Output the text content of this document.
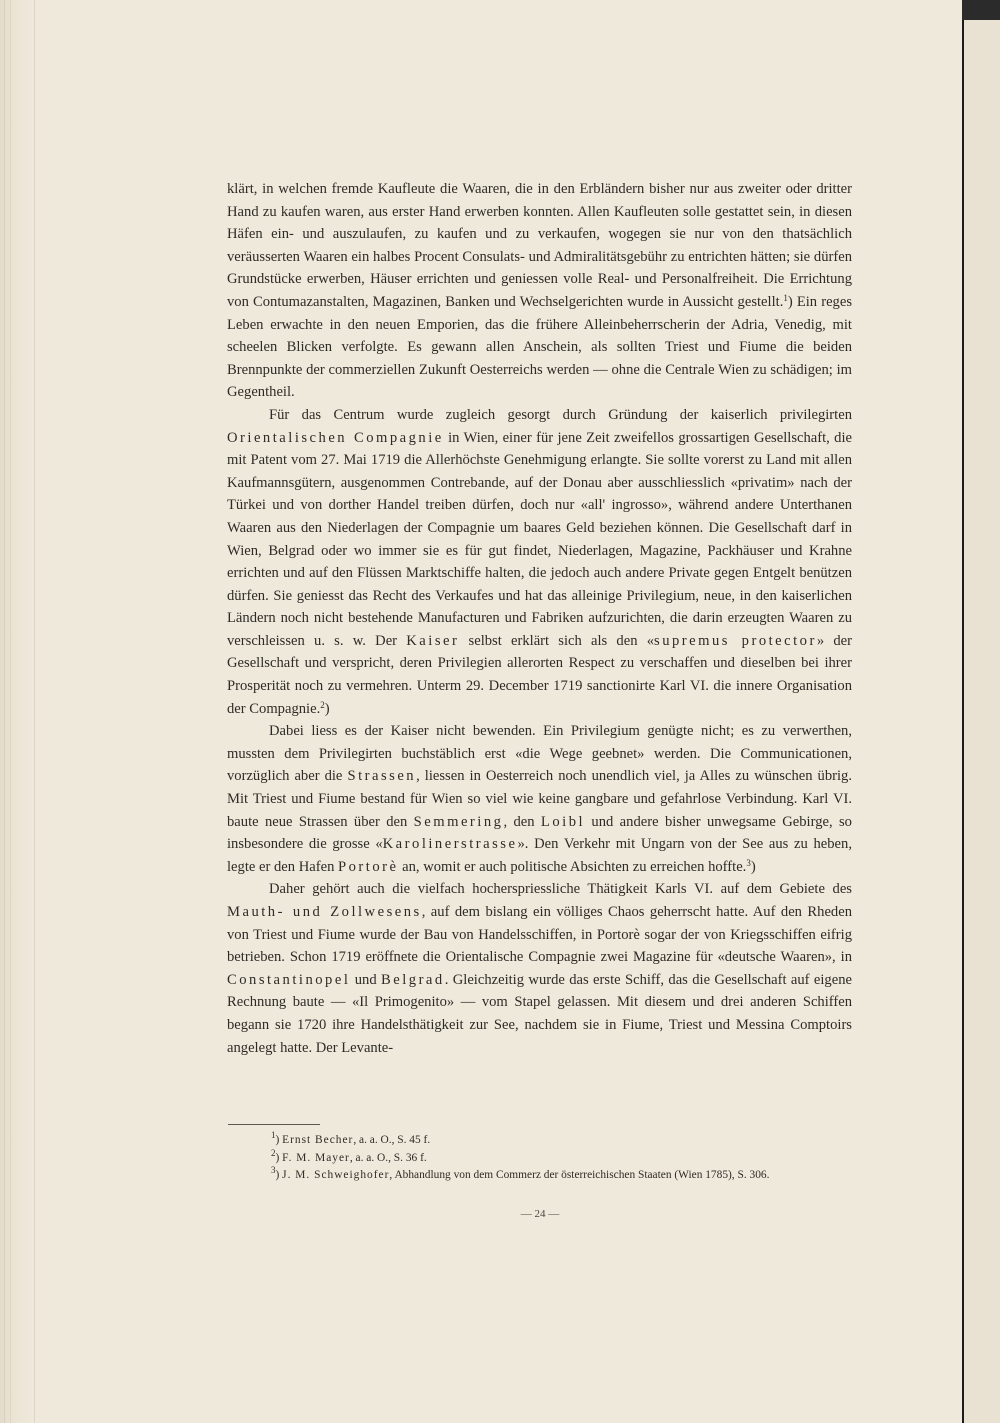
klärt, in welchen fremde Kaufleute die Waaren, die in den Erbländern bisher nur aus zweiter oder dritter Hand zu kaufen waren, aus erster Hand erwerben konnten. Allen Kaufleuten solle gestattet sein, in diesen Häfen ein- und auszulaufen, zu kaufen und zu verkaufen, wogegen sie nur von den thatsächlich veräusserten Waaren ein halbes Procent Consulats- und Admiralitätsgebühr zu entrichten hätten; sie dürfen Grundstücke erwerben, Häuser errichten und geniessen volle Real- und Personalfreiheit. Die Errichtung von Contumazanstalten, Magazinen, Banken und Wechselgerichten wurde in Aussicht gestellt.$^1$) Ein reges Leben erwachte in den neuen Emporien, das die frühere Alleinbeherrscherin der Adria, Venedig, mit scheelen Blicken verfolgte. Es gewann allen Anschein, als sollten Triest und Fiume die beiden Brennpunkte der commerziellen Zukunft Oesterreichs werden — ohne die Centrale Wien zu schädigen; im Gegentheil.

Für das Centrum wurde zugleich gesorgt durch Gründung der kaiserlich privilegirten Orientalischen Compagnie in Wien, einer für jene Zeit zweifellos grossartigen Gesellschaft, die mit Patent vom 27. Mai 1719 die Allerhöchste Genehmigung erlangte. Sie sollte vorerst zu Land mit allen Kaufmannsgütern, ausgenommen Contrebande, auf der Donau aber ausschliesslich «privatim» nach der Türkei und von dorther Handel treiben dürfen, doch nur «all' ingrosso», während andere Unterthanen Waaren aus den Niederlagen der Compagnie um baares Geld beziehen können. Die Gesellschaft darf in Wien, Belgrad oder wo immer sie es für gut findet, Niederlagen, Magazine, Packhäuser und Krahne errichten und auf den Flüssen Marktschiffe halten, die jedoch auch andere Private gegen Entgelt benützen dürfen. Sie geniesst das Recht des Verkaufes und hat das alleinige Privilegium, neue, in den kaiserlichen Ländern noch nicht bestehende Manufacturen und Fabriken aufzurichten, die darin erzeugten Waaren zu verschleissen u. s. w. Der Kaiser selbst erklärt sich als den «supremus protector» der Gesellschaft und verspricht, deren Privilegien allerorten Respect zu verschaffen und dieselben bei ihrer Prosperität noch zu vermehren. Unterm 29. December 1719 sanctionirte Karl VI. die innere Organisation der Compagnie.$^2$)

Dabei liess es der Kaiser nicht bewenden. Ein Privilegium genügte nicht; es zu verwerthen, mussten dem Privilegirten buchstäblich erst «die Wege geebnet» werden. Die Communicationen, vorzüglich aber die Strassen, liessen in Oesterreich noch unendlich viel, ja Alles zu wünschen übrig. Mit Triest und Fiume bestand für Wien so viel wie keine gangbare und gefahrlose Verbindung. Karl VI. baute neue Strassen über den Semmering, den Loibl und andere bisher unwegsame Gebirge, so insbesondere die grosse «Karolinerstrasse». Den Verkehr mit Ungarn von der See aus zu heben, legte er den Hafen Portorè an, womit er auch politische Absichten zu erreichen hoffte.$^3$)

Daher gehört auch die vielfach hocherspriessliche Thätigkeit Karls VI. auf dem Gebiete des Mauth- und Zollwesens, auf dem bislang ein völliges Chaos geherrscht hatte. Auf den Rheden von Triest und Fiume wurde der Bau von Handelsschiffen, in Portorè sogar der von Kriegsschiffen eifrig betrieben. Schon 1719 eröffnete die Orientalische Compagnie zwei Magazine für «deutsche Waaren», in Constantinopel und Belgrad. Gleichzeitig wurde das erste Schiff, das die Gesellschaft auf eigene Rechnung baute — «Il Primogenito» — vom Stapel gelassen. Mit diesem und drei anderen Schiffen begann sie 1720 ihre Handelsthätigkeit zur See, nachdem sie in Fiume, Triest und Messina Comptoirs angelegt hatte. Der Levante-

$^1$) Ernst Becher, a. a. O., S. 45 f.
$^2$) F. M. Mayer, a. a. O., S. 36 f.
$^3$) J. M. Schweighofer, Abhandlung von dem Commerz der österreichischen Staaten (Wien 1785), S. 306.
— 24 —
